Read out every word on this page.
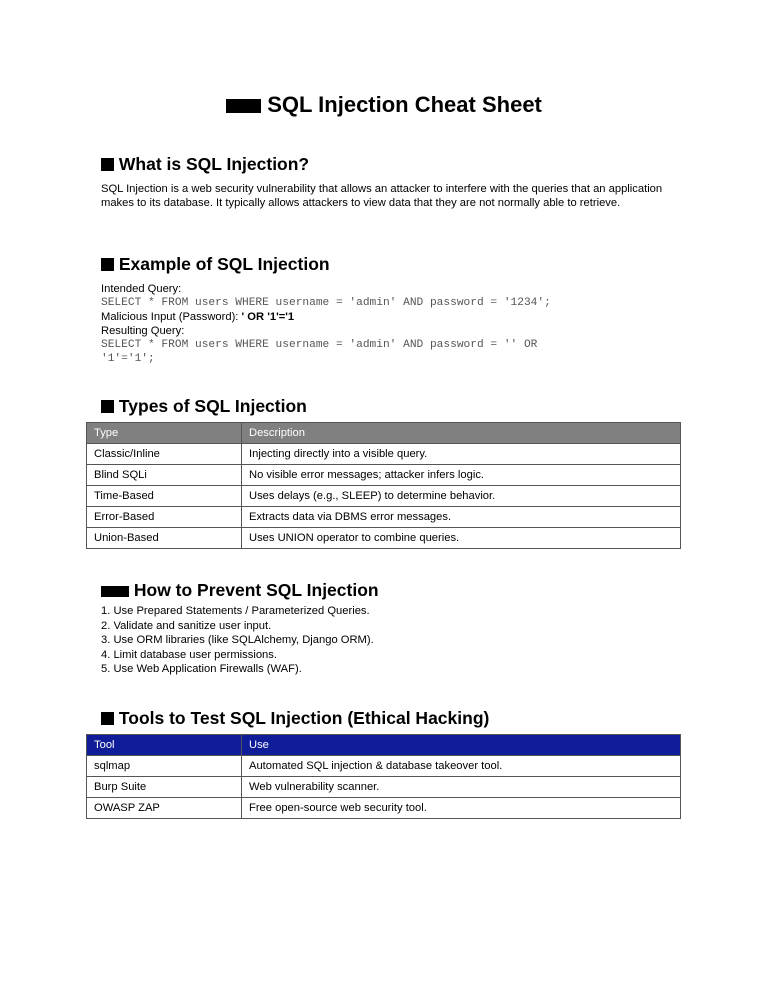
SQL Injection Cheat Sheet
What is SQL Injection?
SQL Injection is a web security vulnerability that allows an attacker to interfere with the queries that an application makes to its database. It typically allows attackers to view data that they are not normally able to retrieve.
Example of SQL Injection
Intended Query:
SELECT * FROM users WHERE username = 'admin' AND password = '1234';
Malicious Input (Password): ' OR '1'='1
Resulting Query:
SELECT * FROM users WHERE username = 'admin' AND password = '' OR
'1'='1';
Types of SQL Injection
Type	Description
Classic/Inline	Injecting directly into a visible query.
Blind SQLi	No visible error messages; attacker infers logic.
Time-Based	Uses delays (e.g., SLEEP) to determine behavior.
Error-Based	Extracts data via DBMS error messages.
Union-Based	Uses UNION operator to combine queries.
How to Prevent SQL Injection
1. Use Prepared Statements / Parameterized Queries.
2. Validate and sanitize user input.
3. Use ORM libraries (like SQLAlchemy, Django ORM).
4. Limit database user permissions.
5. Use Web Application Firewalls (WAF).
Tools to Test SQL Injection (Ethical Hacking)
Tool	Use
sqlmap	Automated SQL injection & database takeover tool.
Burp Suite	Web vulnerability scanner.
OWASP ZAP	Free open-source web security tool.
